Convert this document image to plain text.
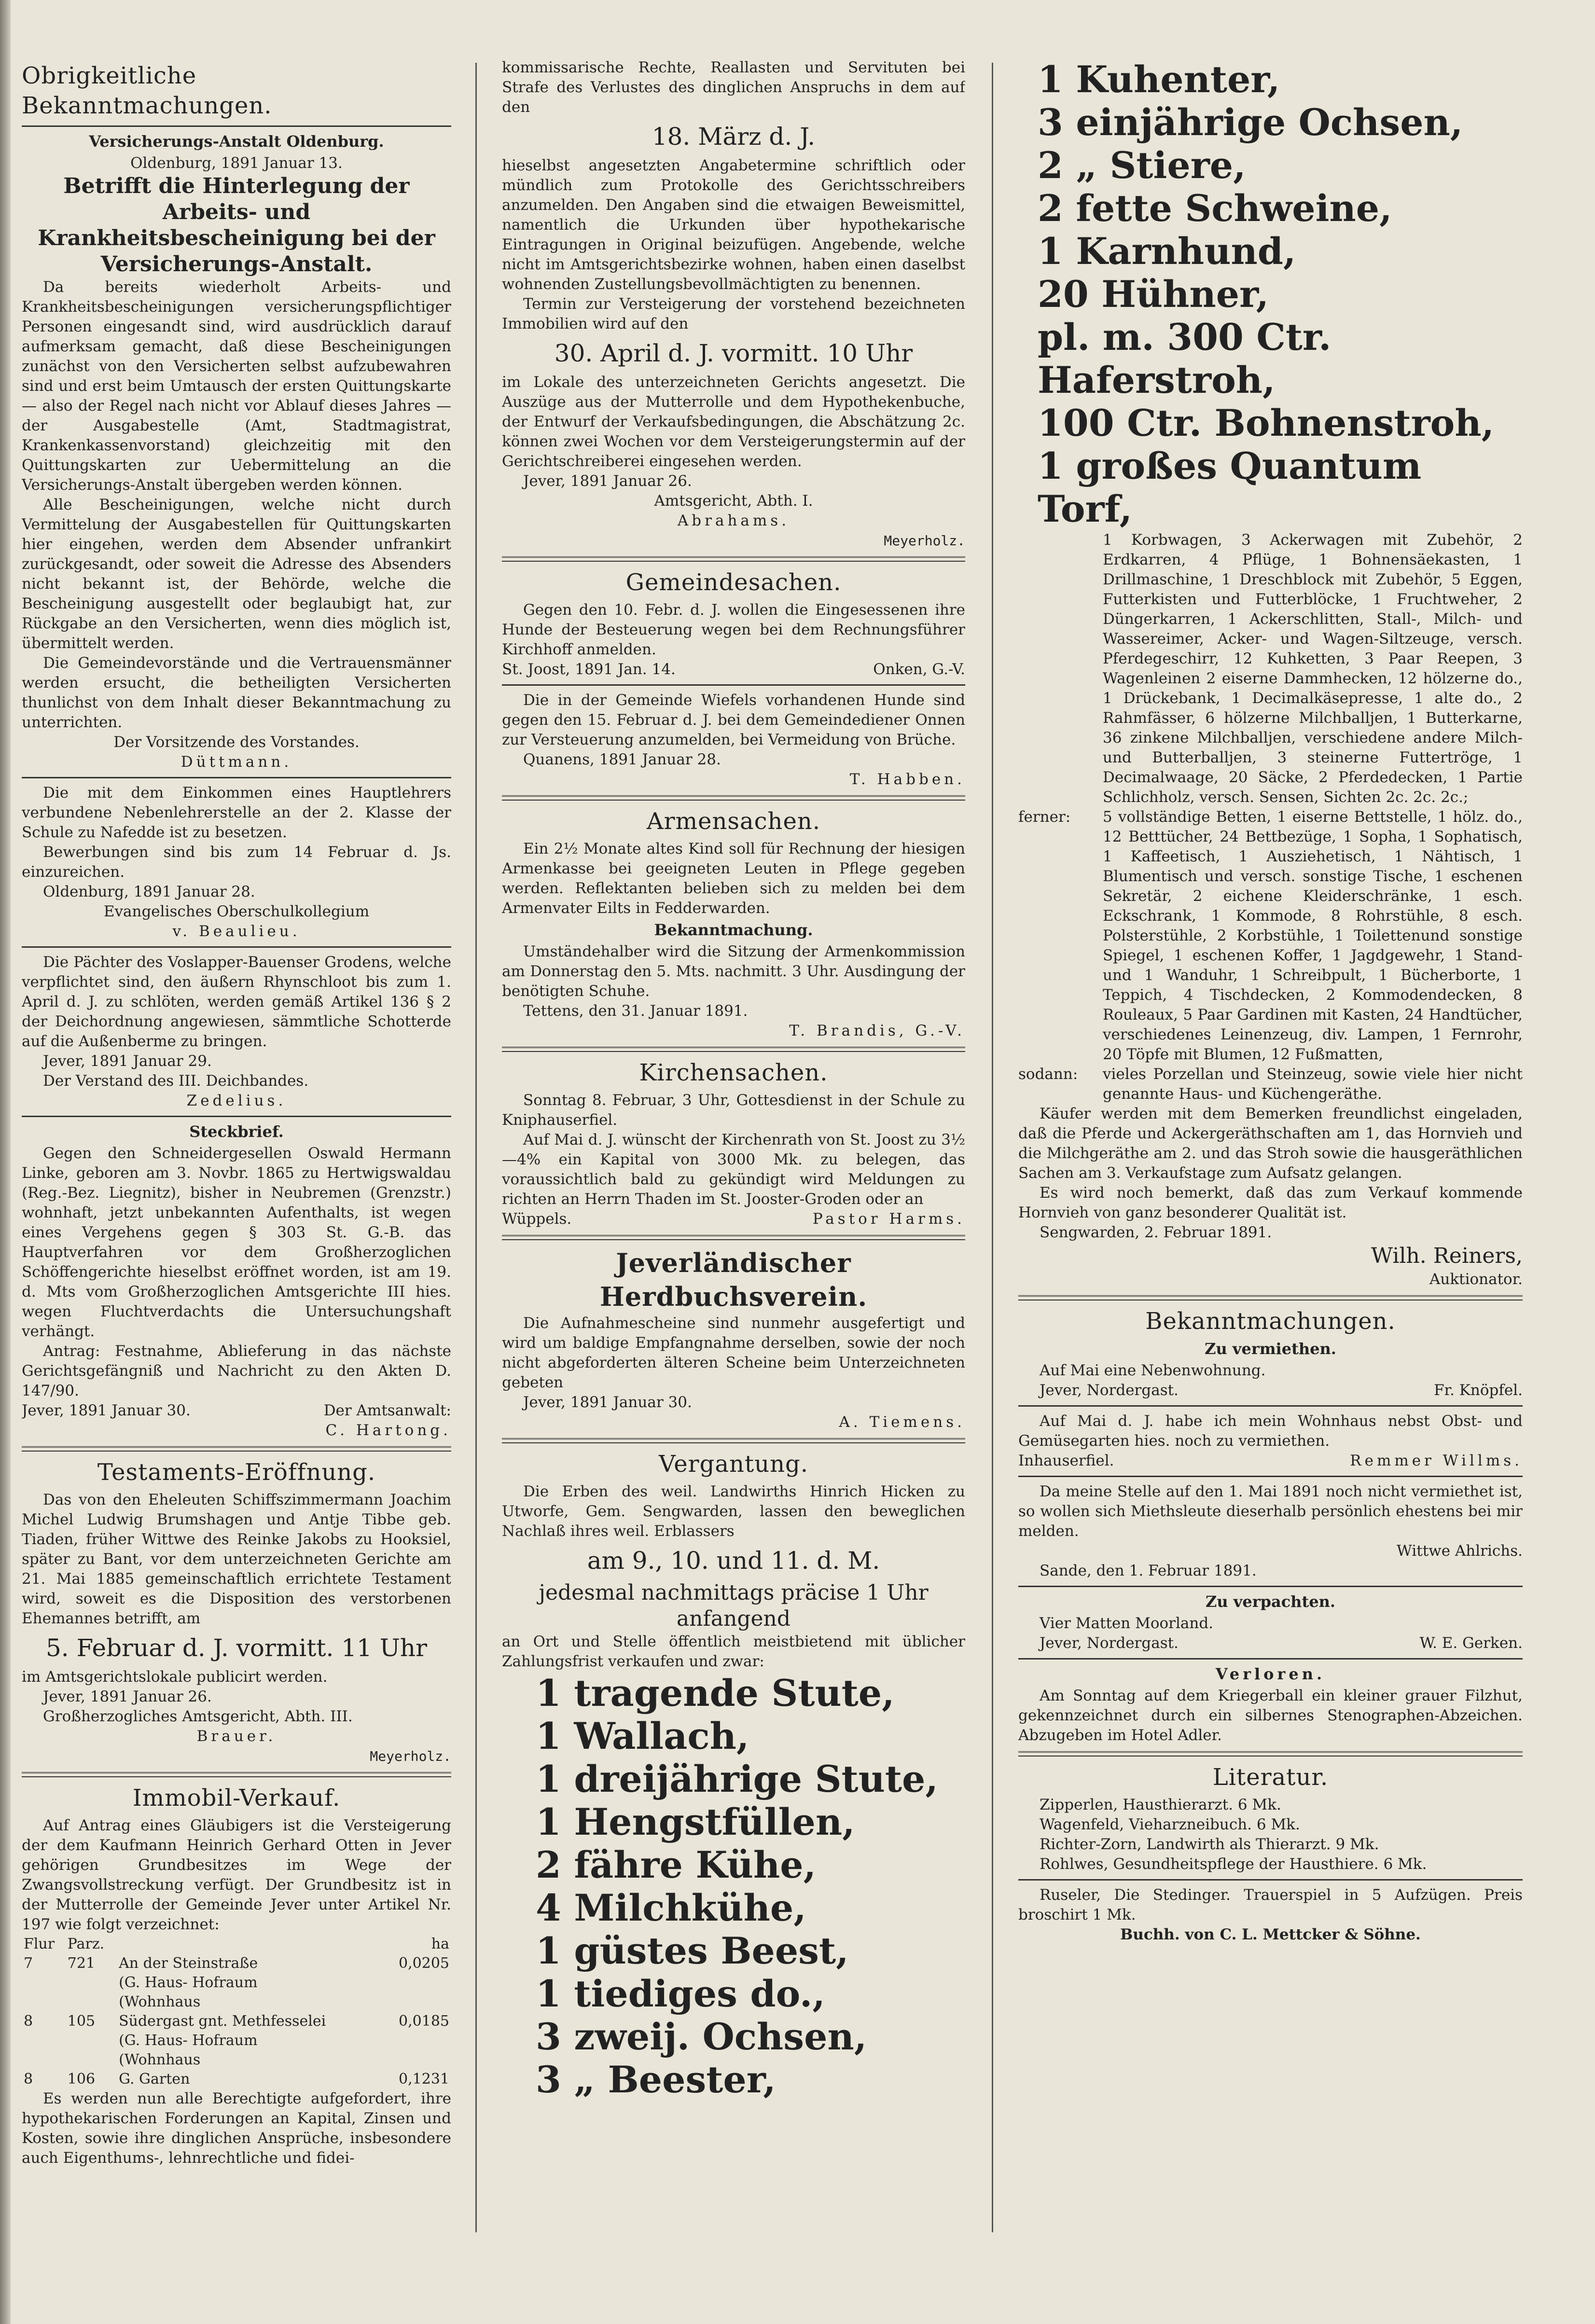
Obrigkeitliche Bekanntmachungen.
Versicherungs-Anstalt Oldenburg.
Oldenburg, 1891 Januar 13.
Betrifft die Hinterlegung der Arbeits- und Krankheitsbescheinigung bei der Versicherungs-Anstalt.
Da bereits wiederholt Arbeits- und Krankheitsbescheinigungen versicherungspflichtiger Personen eingesandt sind, wird ausdrücklich darauf aufmerksam gemacht, daß diese Bescheinigungen zunächst von den Versicherten selbst aufzubewahren sind und erst beim Umtausch der ersten Quittungskarte — also der Regel nach nicht vor Ablauf dieses Jahres — der Ausgabestelle (Amt, Stadtmagistrat, Krankenkassenvorstand) gleichzeitig mit den Quittungskarten zur Uebermittelung an die Versicherungs-Anstalt übergeben werden können.
Alle Bescheinigungen, welche nicht durch Vermittelung der Ausgabestellen für Quittungskarten hier eingehen, werden dem Absender unfrankirt zurückgesandt, oder soweit die Adresse des Absenders nicht bekannt ist, der Behörde, welche die Bescheinigung ausgestellt oder beglaubigt hat, zur Rückgabe an den Versicherten, wenn dies möglich ist, übermittelt werden.
Die Gemeindevorstände und die Vertrauensmänner werden ersucht, die betheiligten Versicherten thunlichst von dem Inhalt dieser Bekanntmachung zu unterrichten.
Der Vorsitzende des Vorstandes.
Düttmann.
Die mit dem Einkommen eines Hauptlehrers verbundene Nebenlehrerstelle an der 2. Klasse der Schule zu Nafedde ist zu besetzen.
Bewerbungen sind bis zum 14 Februar d. Js. einzureichen.
Oldenburg, 1891 Januar 28.
Evangelisches Oberschulkollegium
v. Beaulieu.
Die Pächter des Voslapper-Bauenser Grodens, welche verpflichtet sind, den äußern Rhynschloot bis zum 1. April d. J. zu schlöten, werden gemäß Artikel 136 § 2 der Deichordnung angewiesen, sämmtliche Schotterde auf die Außenberme zu bringen.
Jever, 1891 Januar 29.
Der Verstand des III. Deichbandes.
Zedelius.
Steckbrief.
Gegen den Schneidergesellen Oswald Hermann Linke, geboren am 3. Novbr. 1865 zu Hertwigswaldau (Reg.-Bez. Liegnitz), bisher in Neubremen (Grenzstr.) wohnhaft, jetzt unbekannten Aufenthalts, ist wegen eines Vergehens gegen § 303 St. G.-B. das Hauptverfahren vor dem Großherzoglichen Schöffengerichte hieselbst eröffnet worden, ist am 19. d. Mts vom Großherzoglichen Amtsgerichte III hies. wegen Fluchtverdachts die Untersuchungshaft verhängt.
Antrag: Festnahme, Ablieferung in das nächste Gerichtsgefängniß und Nachricht zu den Akten D. 147/90.
Jever, 1891 Januar 30.	Der Amtsanwalt:
C. Hartong.
Testaments-Eröffnung.
Das von den Eheleuten Schiffszimmermann Joachim Michel Ludwig Brumshagen und Antje Tibbe geb. Tiaden, früher Wittwe des Reinke Jakobs zu Hooksiel, später zu Bant, vor dem unterzeichneten Gerichte am 21. Mai 1885 gemeinschaftlich errichtete Testament wird, soweit es die Disposition des verstorbenen Ehemannes betrifft, am
5. Februar d. J. vormitt. 11 Uhr
im Amtsgerichtslokale publicirt werden.
Jever, 1891 Januar 26.
Großherzogliches Amtsgericht, Abth. III.
Brauer.
Meyerholz.
Immobil-Verkauf.
Auf Antrag eines Gläubigers ist die Versteigerung der dem Kaufmann Heinrich Gerhard Otten in Jever gehörigen Grundbesitzes im Wege der Zwangsvollstreckung verfügt. Der Grundbesitz ist in der Mutterrolle der Gemeinde Jever unter Artikel Nr. 197 wie folgt verzeichnet:
Flur	Parz.		ha
7	721	An der Steinstraße
(G. Haus- Hofraum
(Wohnhaus	0,0205
8	105	Südergast gnt. Methfesselei
(G. Haus- Hofraum
(Wohnhaus	0,0185
8	106	G. Garten	0,1231
Es werden nun alle Berechtigte aufgefordert, ihre hypothekarischen Forderungen an Kapital, Zinsen und Kosten, sowie ihre dinglichen Ansprüche, insbesondere auch Eigenthums-, lehnrechtliche und fidei-
kommissarische Rechte, Reallasten und Servituten bei Strafe des Verlustes des dinglichen Anspruchs in dem auf den
18. März d. J.
hieselbst angesetzten Angabetermine schriftlich oder mündlich zum Protokolle des Gerichtsschreibers anzumelden. Den Angaben sind die etwaigen Beweismittel, namentlich die Urkunden über hypothekarische Eintragungen in Original beizufügen. Angebende, welche nicht im Amtsgerichtsbezirke wohnen, haben einen daselbst wohnenden Zustellungsbevollmächtigten zu benennen.
Termin zur Versteigerung der vorstehend bezeichneten Immobilien wird auf den
30. April d. J. vormitt. 10 Uhr
im Lokale des unterzeichneten Gerichts angesetzt. Die Auszüge aus der Mutterrolle und dem Hypothekenbuche, der Entwurf der Verkaufsbedingungen, die Abschätzung 2c. können zwei Wochen vor dem Versteigerungstermin auf der Gerichtschreiberei eingesehen werden.
Jever, 1891 Januar 26.
Amtsgericht, Abth. I.
Abrahams.
Meyerholz.
Gemeindesachen.
Gegen den 10. Febr. d. J. wollen die Eingesessenen ihre Hunde der Besteuerung wegen bei dem Rechnungsführer Kirchhoff anmelden.
St. Joost, 1891 Jan. 14.	Onken, G.-V.
Die in der Gemeinde Wiefels vorhandenen Hunde sind gegen den 15. Februar d. J. bei dem Gemeindediener Onnen zur Versteuerung anzumelden, bei Vermeidung von Brüche.
Quanens, 1891 Januar 28.
T. Habben.
Armensachen.
Ein 2½ Monate altes Kind soll für Rechnung der hiesigen Armenkasse bei geeigneten Leuten in Pflege gegeben werden. Reflektanten belieben sich zu melden bei dem Armenvater Eilts in Fedderwarden.
Bekanntmachung.
Umständehalber wird die Sitzung der Armenkommission am Donnerstag den 5. Mts. nachmitt. 3 Uhr. Ausdingung der benötigten Schuhe.
Tettens, den 31. Januar 1891.
T. Brandis, G.-V.
Kirchensachen.
Sonntag 8. Februar, 3 Uhr, Gottesdienst in der Schule zu Kniphauserfiel.
Auf Mai d. J. wünscht der Kirchenrath von St. Joost zu 3½—4% ein Kapital von 3000 Mk. zu belegen, das voraussichtlich bald zu gekündigt wird Meldungen zu richten an Herrn Thaden im St. Jooster-Groden oder an
Wüppels.	Pastor Harms.
Jeverländischer Herdbuchsverein.
Die Aufnahmescheine sind nunmehr ausgefertigt und wird um baldige Empfangnahme derselben, sowie der noch nicht abgeforderten älteren Scheine beim Unterzeichneten gebeten
Jever, 1891 Januar 30.
A. Tiemens.
Vergantung.
Die Erben des weil. Landwirths Hinrich Hicken zu Utworfe, Gem. Sengwarden, lassen den beweglichen Nachlaß ihres weil. Erblassers
am 9., 10. und 11. d. M.
jedesmal nachmittags präcise 1 Uhr anfangend
an Ort und Stelle öffentlich meistbietend mit üblicher Zahlungsfrist verkaufen und zwar:
1 tragende Stute,
1 Wallach,
1 dreijährige Stute,
1 Hengstfüllen,
2 fähre Kühe,
4 Milchkühe,
1 güstes Beest,
1 tiediges do.,
3 zweij. Ochsen,
3 „ Beester,
1 Kuhenter,
3 einjährige Ochsen,
2 „ Stiere,
2 fette Schweine,
1 Karnhund,
20 Hühner,
pl. m. 300 Ctr. Haferstroh,
100 Ctr. Bohnenstroh,
1 großes Quantum Torf,
1 Korbwagen, 3 Ackerwagen mit Zubehör, 2 Erdkarren, 4 Pflüge, 1 Bohnensäekasten, 1 Drillmaschine, 1 Dreschblock mit Zubehör, 5 Eggen, Futterkisten und Futterblöcke, 1 Fruchtweher, 2 Düngerkarren, 1 Ackerschlitten, Stall-, Milch- und Wassereimer, Acker- und Wagen-Siltzeuge, versch. Pferdegeschirr, 12 Kuhketten, 3 Paar Reepen, 3 Wagenleinen 2 eiserne Dammhecken, 12 hölzerne do., 1 Drückebank, 1 Decimalkäsepresse, 1 alte do., 2 Rahmfässer, 6 hölzerne Milchballjen, 1 Butterkarne, 36 zinkene Milchballjen, verschiedene andere Milch- und Butterballjen, 3 steinerne Futtertröge, 1 Decimalwaage, 20 Säcke, 2 Pferdedecken, 1 Partie Schlichholz, versch. Sensen, Sichten 2c. 2c. 2c.;
ferner:	5 vollständige Betten, 1 eiserne Bettstelle, 1 hölz. do., 12 Betttücher, 24 Bettbezüge, 1 Sopha, 1 Sophatisch, 1 Kaffeetisch, 1 Ausziehetisch, 1 Nähtisch, 1 Blumentisch und versch. sonstige Tische, 1 eschenen Sekretär, 2 eichene Kleiderschränke, 1 esch. Eckschrank, 1 Kommode, 8 Rohrstühle, 8 esch. Polsterstühle, 2 Korbstühle, 1 Toilettenund sonstige Spiegel, 1 eschenen Koffer, 1 Jagdgewehr, 1 Stand- und 1 Wanduhr, 1 Schreibpult, 1 Bücherborte, 1 Teppich, 4 Tischdecken, 2 Kommodendecken, 8 Rouleaux, 5 Paar Gardinen mit Kasten, 24 Handtücher, verschiedenes Leinenzeug, div. Lampen, 1 Fernrohr, 20 Töpfe mit Blumen, 12 Fußmatten,
sodann:	vieles Porzellan und Steinzeug, sowie viele hier nicht genannte Haus- und Küchengeräthe.
Käufer werden mit dem Bemerken freundlichst eingeladen, daß die Pferde und Ackergeräthschaften am 1, das Hornvieh und die Milchgeräthe am 2. und das Stroh sowie die hausgeräthlichen Sachen am 3. Verkaufstage zum Aufsatz gelangen.
Es wird noch bemerkt, daß das zum Verkauf kommende Hornvieh von ganz besonderer Qualität ist.
Sengwarden, 2. Februar 1891.
Wilh. Reiners,
Auktionator.
Bekanntmachungen.
Zu vermiethen.
Auf Mai eine Nebenwohnung.
Jever, Nordergast.	Fr. Knöpfel.
Auf Mai d. J. habe ich mein Wohnhaus nebst Obst- und Gemüsegarten hies. noch zu vermiethen.
Inhauserfiel.	Remmer Willms.
Da meine Stelle auf den 1. Mai 1891 noch nicht vermiethet ist, so wollen sich Miethsleute dieserhalb persönlich ehestens bei mir melden.
Wittwe Ahlrichs.
Sande, den 1. Februar 1891.
Zu verpachten.
Vier Matten Moorland.
Jever, Nordergast.	W. E. Gerken.
Verloren.
Am Sonntag auf dem Kriegerball ein kleiner grauer Filzhut, gekennzeichnet durch ein silbernes Stenographen-Abzeichen. Abzugeben im Hotel Adler.
Literatur.
Zipperlen, Hausthierarzt. 6 Mk.
Wagenfeld, Vieharzneibuch. 6 Mk.
Richter-Zorn, Landwirth als Thierarzt. 9 Mk.
Rohlwes, Gesundheitspflege der Hausthiere. 6 Mk.
Ruseler, Die Stedinger. Trauerspiel in 5 Aufzügen. Preis broschirt 1 Mk.
Buchh. von C. L. Mettcker & Söhne.
